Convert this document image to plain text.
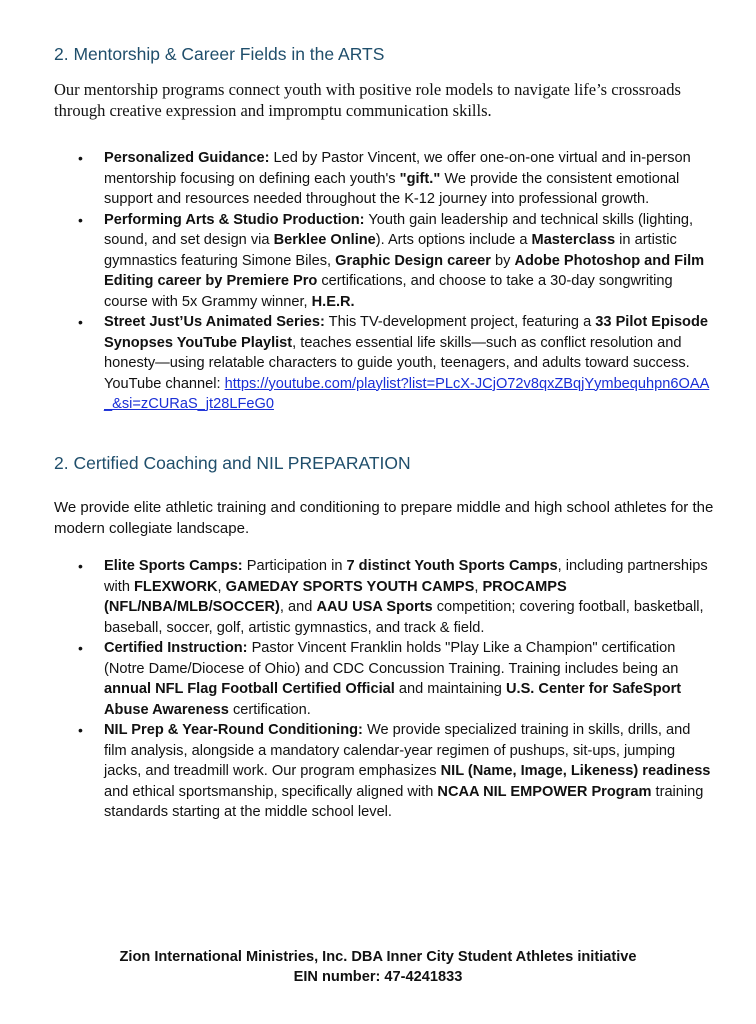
2. Mentorship & Career Fields in the ARTS

Our mentorship programs connect youth with positive role models to navigate life’s crossroads through creative expression and impromptu communication skills.

• Personalized Guidance: Led by Pastor Vincent, we offer one-on-one virtual and in-person mentorship focusing on defining each youth's "gift." We provide the consistent emotional support and resources needed throughout the K-12 journey into professional growth.
• Performing Arts & Studio Production: Youth gain leadership and technical skills (lighting, sound, and set design via Berklee Online). Arts options include a Masterclass in artistic gymnastics featuring Simone Biles, Graphic Design career by Adobe Photoshop and Film Editing career by Premiere Pro certifications, and choose to take a 30-day songwriting course with 5x Grammy winner, H.E.R.
• Street Just’Us Animated Series: This TV-development project, featuring a 33 Pilot Episode Synopses YouTube Playlist, teaches essential life skills—such as conflict resolution and honesty—using relatable characters to guide youth, teenagers, and adults toward success. YouTube channel: https://youtube.com/playlist?list=PLcX-JCjO72v8qxZBqjYymbequhpn6OAA_&si=zCURaS_jt28LFeG0
2. Certified Coaching and NIL PREPARATION

We provide elite athletic training and conditioning to prepare middle and high school athletes for the modern collegiate landscape.

• Elite Sports Camps: Participation in 7 distinct Youth Sports Camps, including partnerships with FLEXWORK, GAMEDAY SPORTS YOUTH CAMPS, PROCAMPS (NFL/NBA/MLB/SOCCER), and AAU USA Sports competition; covering football, basketball, baseball, soccer, golf, artistic gymnastics, and track & field.
• Certified Instruction: Pastor Vincent Franklin holds "Play Like a Champion" certification (Notre Dame/Diocese of Ohio) and CDC Concussion Training. Training includes being an annual NFL Flag Football Certified Official and maintaining U.S. Center for SafeSport Abuse Awareness certification.
• NIL Prep & Year-Round Conditioning: We provide specialized training in skills, drills, and film analysis, alongside a mandatory calendar-year regimen of pushups, sit-ups, jumping jacks, and treadmill work. Our program emphasizes NIL (Name, Image, Likeness) readiness and ethical sportsmanship, specifically aligned with NCAA NIL EMPOWER Program training standards starting at the middle school level.
Zion International Ministries, Inc. DBA Inner City Student Athletes initiative
EIN number: 47-4241833
